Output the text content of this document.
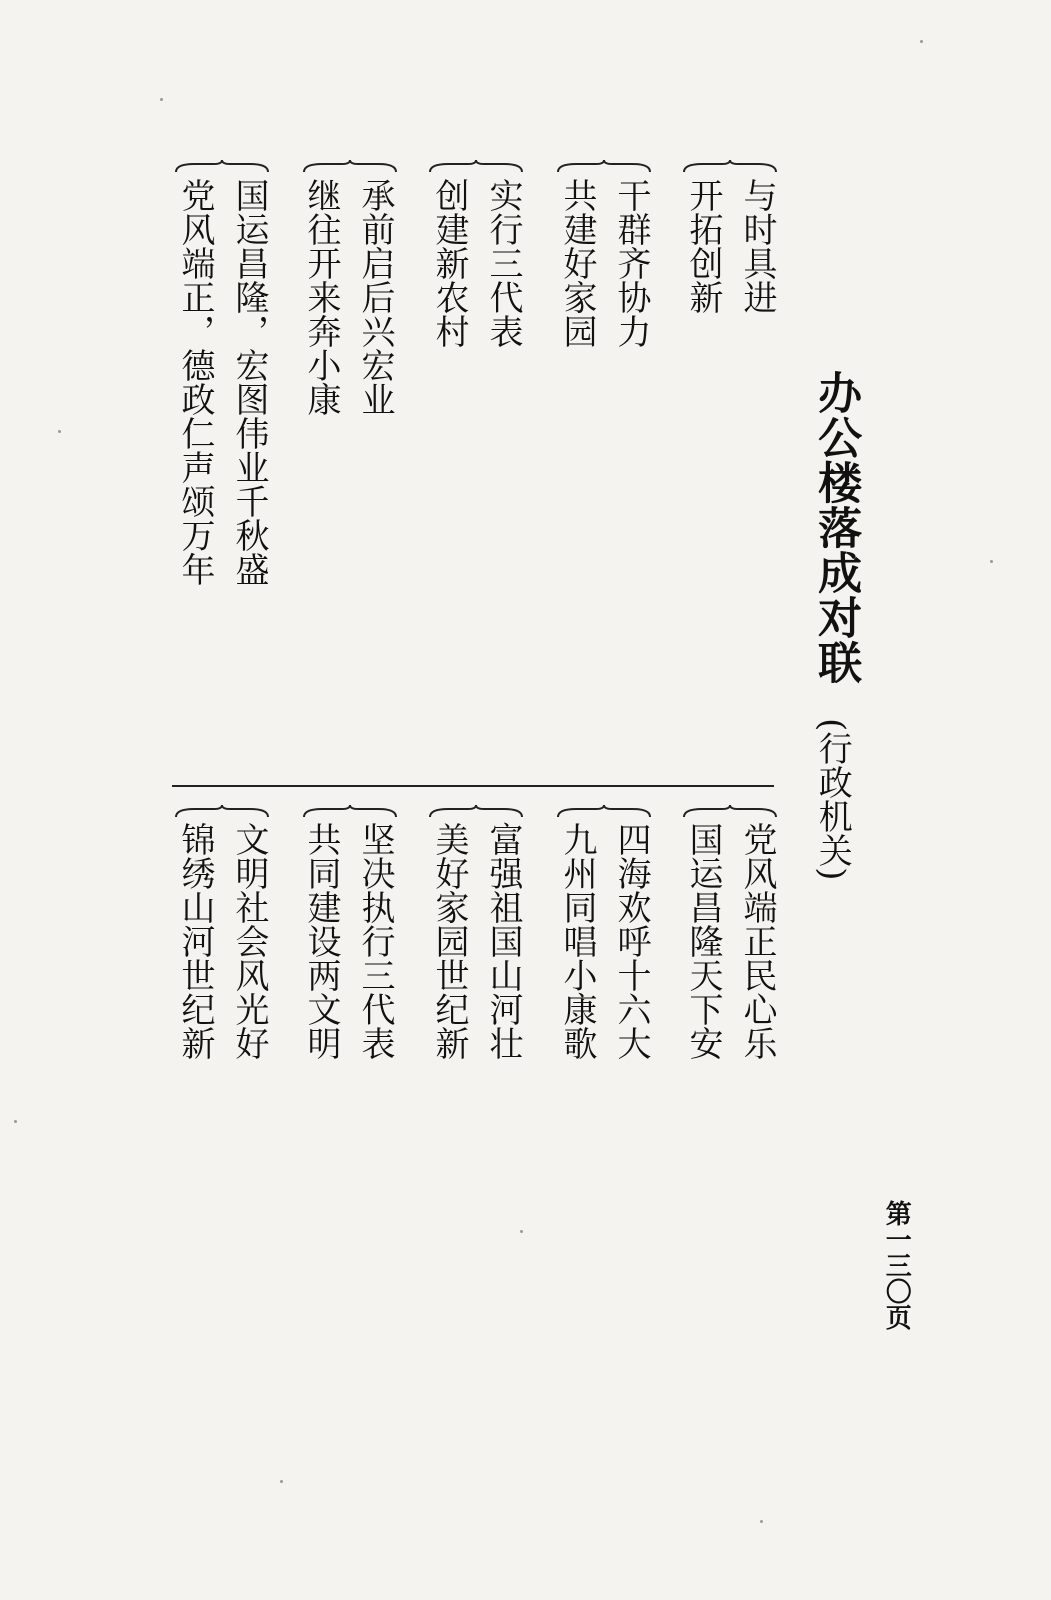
办公楼落成对联
(行政机关)
与时具进
开拓创新
干群齐协力
共建好家园
实行三代表
创建新农村
承前启后兴宏业
继往开来奔小康
国运昌隆，宏图伟业千秋盛
党风端正，德政仁声颂万年
党风端正民心乐
国运昌隆天下安
四海欢呼十六大
九州同唱小康歌
富强祖国山河壮
美好家园世纪新
坚决执行三代表
共同建设两文明
文明社会风光好
锦绣山河世纪新
第一三〇页
